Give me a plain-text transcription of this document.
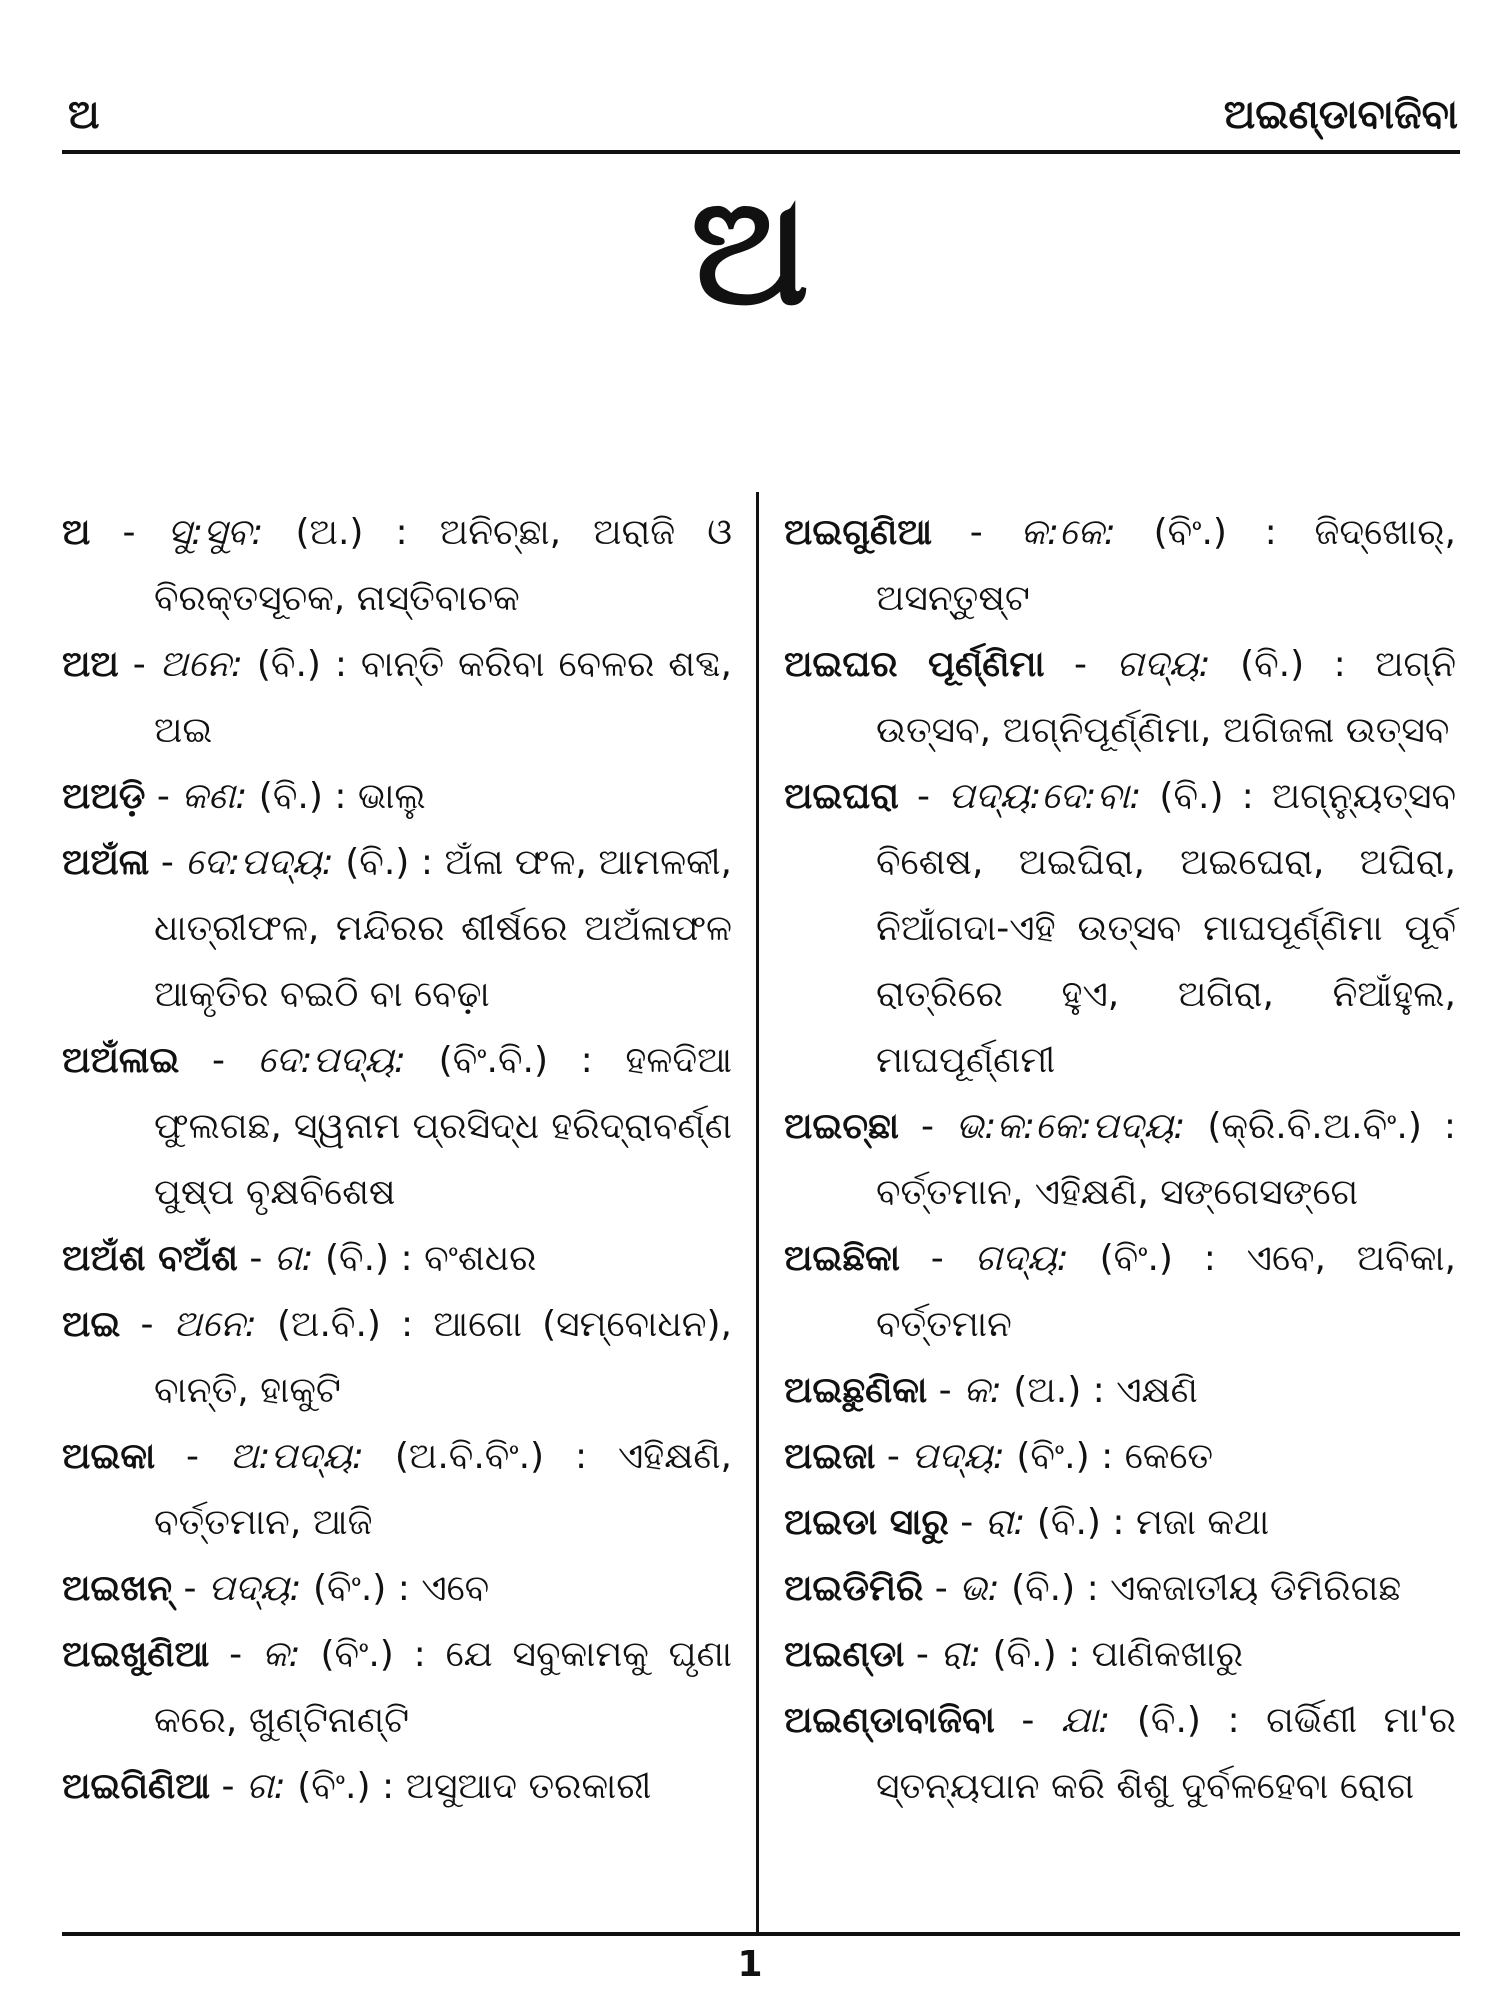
ଅ	ଅଇଣ୍ଡାବାଜିବା
ଅ

ଅ - ସୁ:ସୁବ: (ଅ.) : ଅନିଚ୍ଛା, ଅରାଜି ଓ ବିରକ୍ତସୂଚକ, ନାସ୍ତିବାଚକ

ଅଅ - ଅନେ: (ବି.) : ବାନ୍ତି କରିବା ବେଳର ଶବ୍ଦ, ଅଇ

ଅଅଡ଼ି - କଣ: (ବି.) : ଭାଲୁ

ଅଅଁଳା - ଦେ:ପଦ୍ୟ: (ବି.) : ଅଁଳା ଫଳ, ଆମଳକୀ, ଧାତ୍ରୀଫଳ, ମନ୍ଦିରର ଶୀର୍ଷରେ ଅଅଁଳାଫଳ ଆକୃତିର ବଇଠି ବା ବେଢ଼ା

ଅଅଁଳାଇ - ଦେ:ପଦ୍ୟ: (ବିଂ.ବି.) : ହଳଦିଆ ଫୁଲଗଛ, ସ୍ୱନାମ ପ୍ରସିଦ୍ଧ ହରିଦ୍ରାବର୍ଣ୍ଣ ପୁଷ୍ପ ବୃକ୍ଷବିଶେଷ

ଅଅଁଶ ବଅଁଶ - ଗ: (ବି.) : ବଂଶଧର

ଅଇ - ଅନେ: (ଅ.ବି.) : ଆଗୋ (ସମ୍ବୋଧନ), ବାନ୍ତି, ହାକୁଟି

ଅଇକା - ଅ:ପଦ୍ୟ: (ଅ.ବି.ବିଂ.) : ଏହିକ୍ଷଣି, ବର୍ତ୍ତମାନ, ଆଜି

ଅଇଖନ୍ - ପଦ୍ୟ: (ବିଂ.) : ଏବେ

ଅଇଖୁଣିଆ - କ: (ବିଂ.) : ଯେ ସବୁକାମକୁ ଘୃଣା କରେ, ଖୁଣ୍ଟିନାଣ୍ଟି

ଅଇଗିଣିଆ - ଗ: (ବିଂ.) : ଅସୁଆଦ ତରକାରୀ

ଅଇଗୁଣିଆ - କ:କେ: (ବିଂ.) : ଜିଦ୍‌ଖୋର୍, ଅସନ୍ତୁଷ୍ଟ

ଅଇଘର ପୂର୍ଣ୍ଣିମା - ଗଦ୍ୟ: (ବି.) : ଅଗ୍ନି ଉତ୍ସବ, ଅଗ୍ନିପୂର୍ଣ୍ଣିମା, ଅଗିଜଳା ଉତ୍ସବ

ଅଇଘରା - ପଦ୍ୟ:ଦେ:ବା: (ବି.) : ଅଗ୍ନ୍ୟୁତ୍ସବ ବିଶେଷ, ଅଇଘିରା, ଅଇଘେରା, ଅଘିରା, ନିଆଁଗଦା-ଏହି ଉତ୍ସବ ମାଘପୂର୍ଣ୍ଣିମା ପୂର୍ବ ରାତ୍ରିରେ ହୁଏ, ଅଗିରା, ନିଆଁହୁଲ, ମାଘପୂର୍ଣ୍ଣମୀ

ଅଇଚ୍ଛା - ଭ:କ:କେ:ପଦ୍ୟ: (କ୍ରି.ବି.ଅ.ବିଂ.) : ବର୍ତ୍ତମାନ, ଏହିକ୍ଷଣି, ସଙ୍ଗେସଙ୍ଗେ

ଅଇଛିକା - ଗଦ୍ୟ: (ବିଂ.) : ଏବେ, ଅବିକା, ବର୍ତ୍ତମାନ

ଅଇଛୁଣିକା - କ: (ଅ.) : ଏକ୍ଷଣି

ଅଇଜା - ପଦ୍ୟ: (ବିଂ.) : କେତେ

ଅଇଡା ସାରୁ - ରା: (ବି.) : ମଜା କଥା

ଅଇଡିମିରି - ଭ: (ବି.) : ଏକଜାତୀୟ ଡିମିରିଗଛ

ଅଇଣ୍ଡା - ରା: (ବି.) : ପାଣିକଖାରୁ

ଅଇଣ୍ଡାବାଜିବା - ଯା: (ବି.) : ଗର୍ଭିଣୀ ମା'ର ସ୍ତନ୍ୟପାନ କରି ଶିଶୁ ଦୁର୍ବଳହେବା ରୋଗ

1
